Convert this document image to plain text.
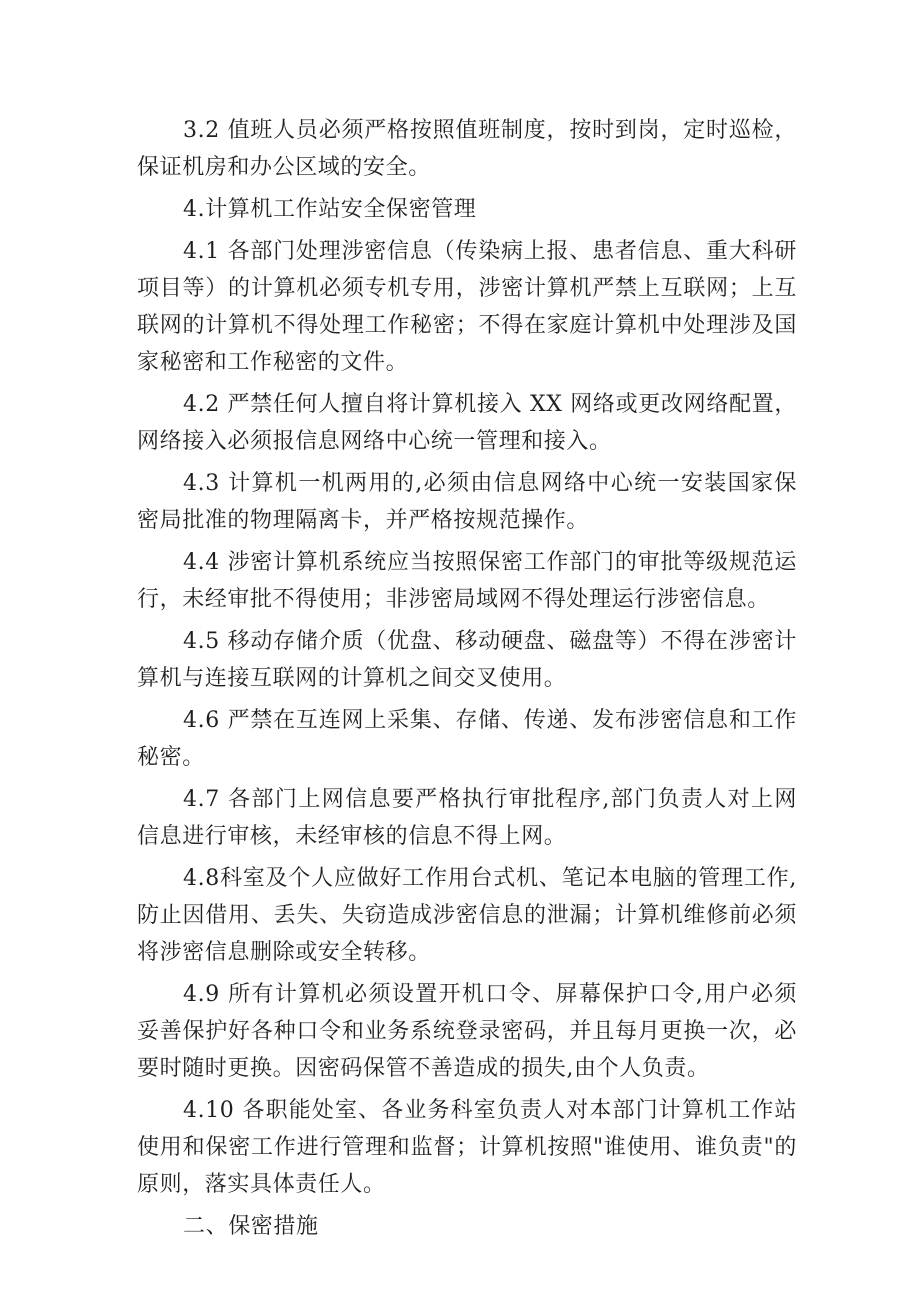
3.2 值班人员必须严格按照值班制度，按时到岗，定时巡检，保证机房和办公区域的安全。

4.计算机工作站安全保密管理

4.1 各部门处理涉密信息（传染病上报、患者信息、重大科研项目等）的计算机必须专机专用，涉密计算机严禁上互联网；上互联网的计算机不得处理工作秘密；不得在家庭计算机中处理涉及国家秘密和工作秘密的文件。

4.2 严禁任何人擅自将计算机接入 XX 网络或更改网络配置，网络接入必须报信息网络中心统一管理和接入。

4.3 计算机一机两用的,必须由信息网络中心统一安装国家保密局批准的物理隔离卡，并严格按规范操作。

4.4 涉密计算机系统应当按照保密工作部门的审批等级规范运行，未经审批不得使用；非涉密局域网不得处理运行涉密信息。

4.5 移动存储介质（优盘、移动硬盘、磁盘等）不得在涉密计算机与连接互联网的计算机之间交叉使用。

4.6 严禁在互连网上采集、存储、传递、发布涉密信息和工作秘密。

4.7 各部门上网信息要严格执行审批程序,部门负责人对上网信息进行审核，未经审核的信息不得上网。

4.8科室及个人应做好工作用台式机、笔记本电脑的管理工作,防止因借用、丢失、失窃造成涉密信息的泄漏；计算机维修前必须将涉密信息删除或安全转移。

4.9 所有计算机必须设置开机口令、屏幕保护口令,用户必须妥善保护好各种口令和业务系统登录密码，并且每月更换一次，必要时随时更换。因密码保管不善造成的损失,由个人负责。

4.10 各职能处室、各业务科室负责人对本部门计算机工作站使用和保密工作进行管理和监督；计算机按照"谁使用、谁负责"的原则，落实具体责任人。

二、保密措施
